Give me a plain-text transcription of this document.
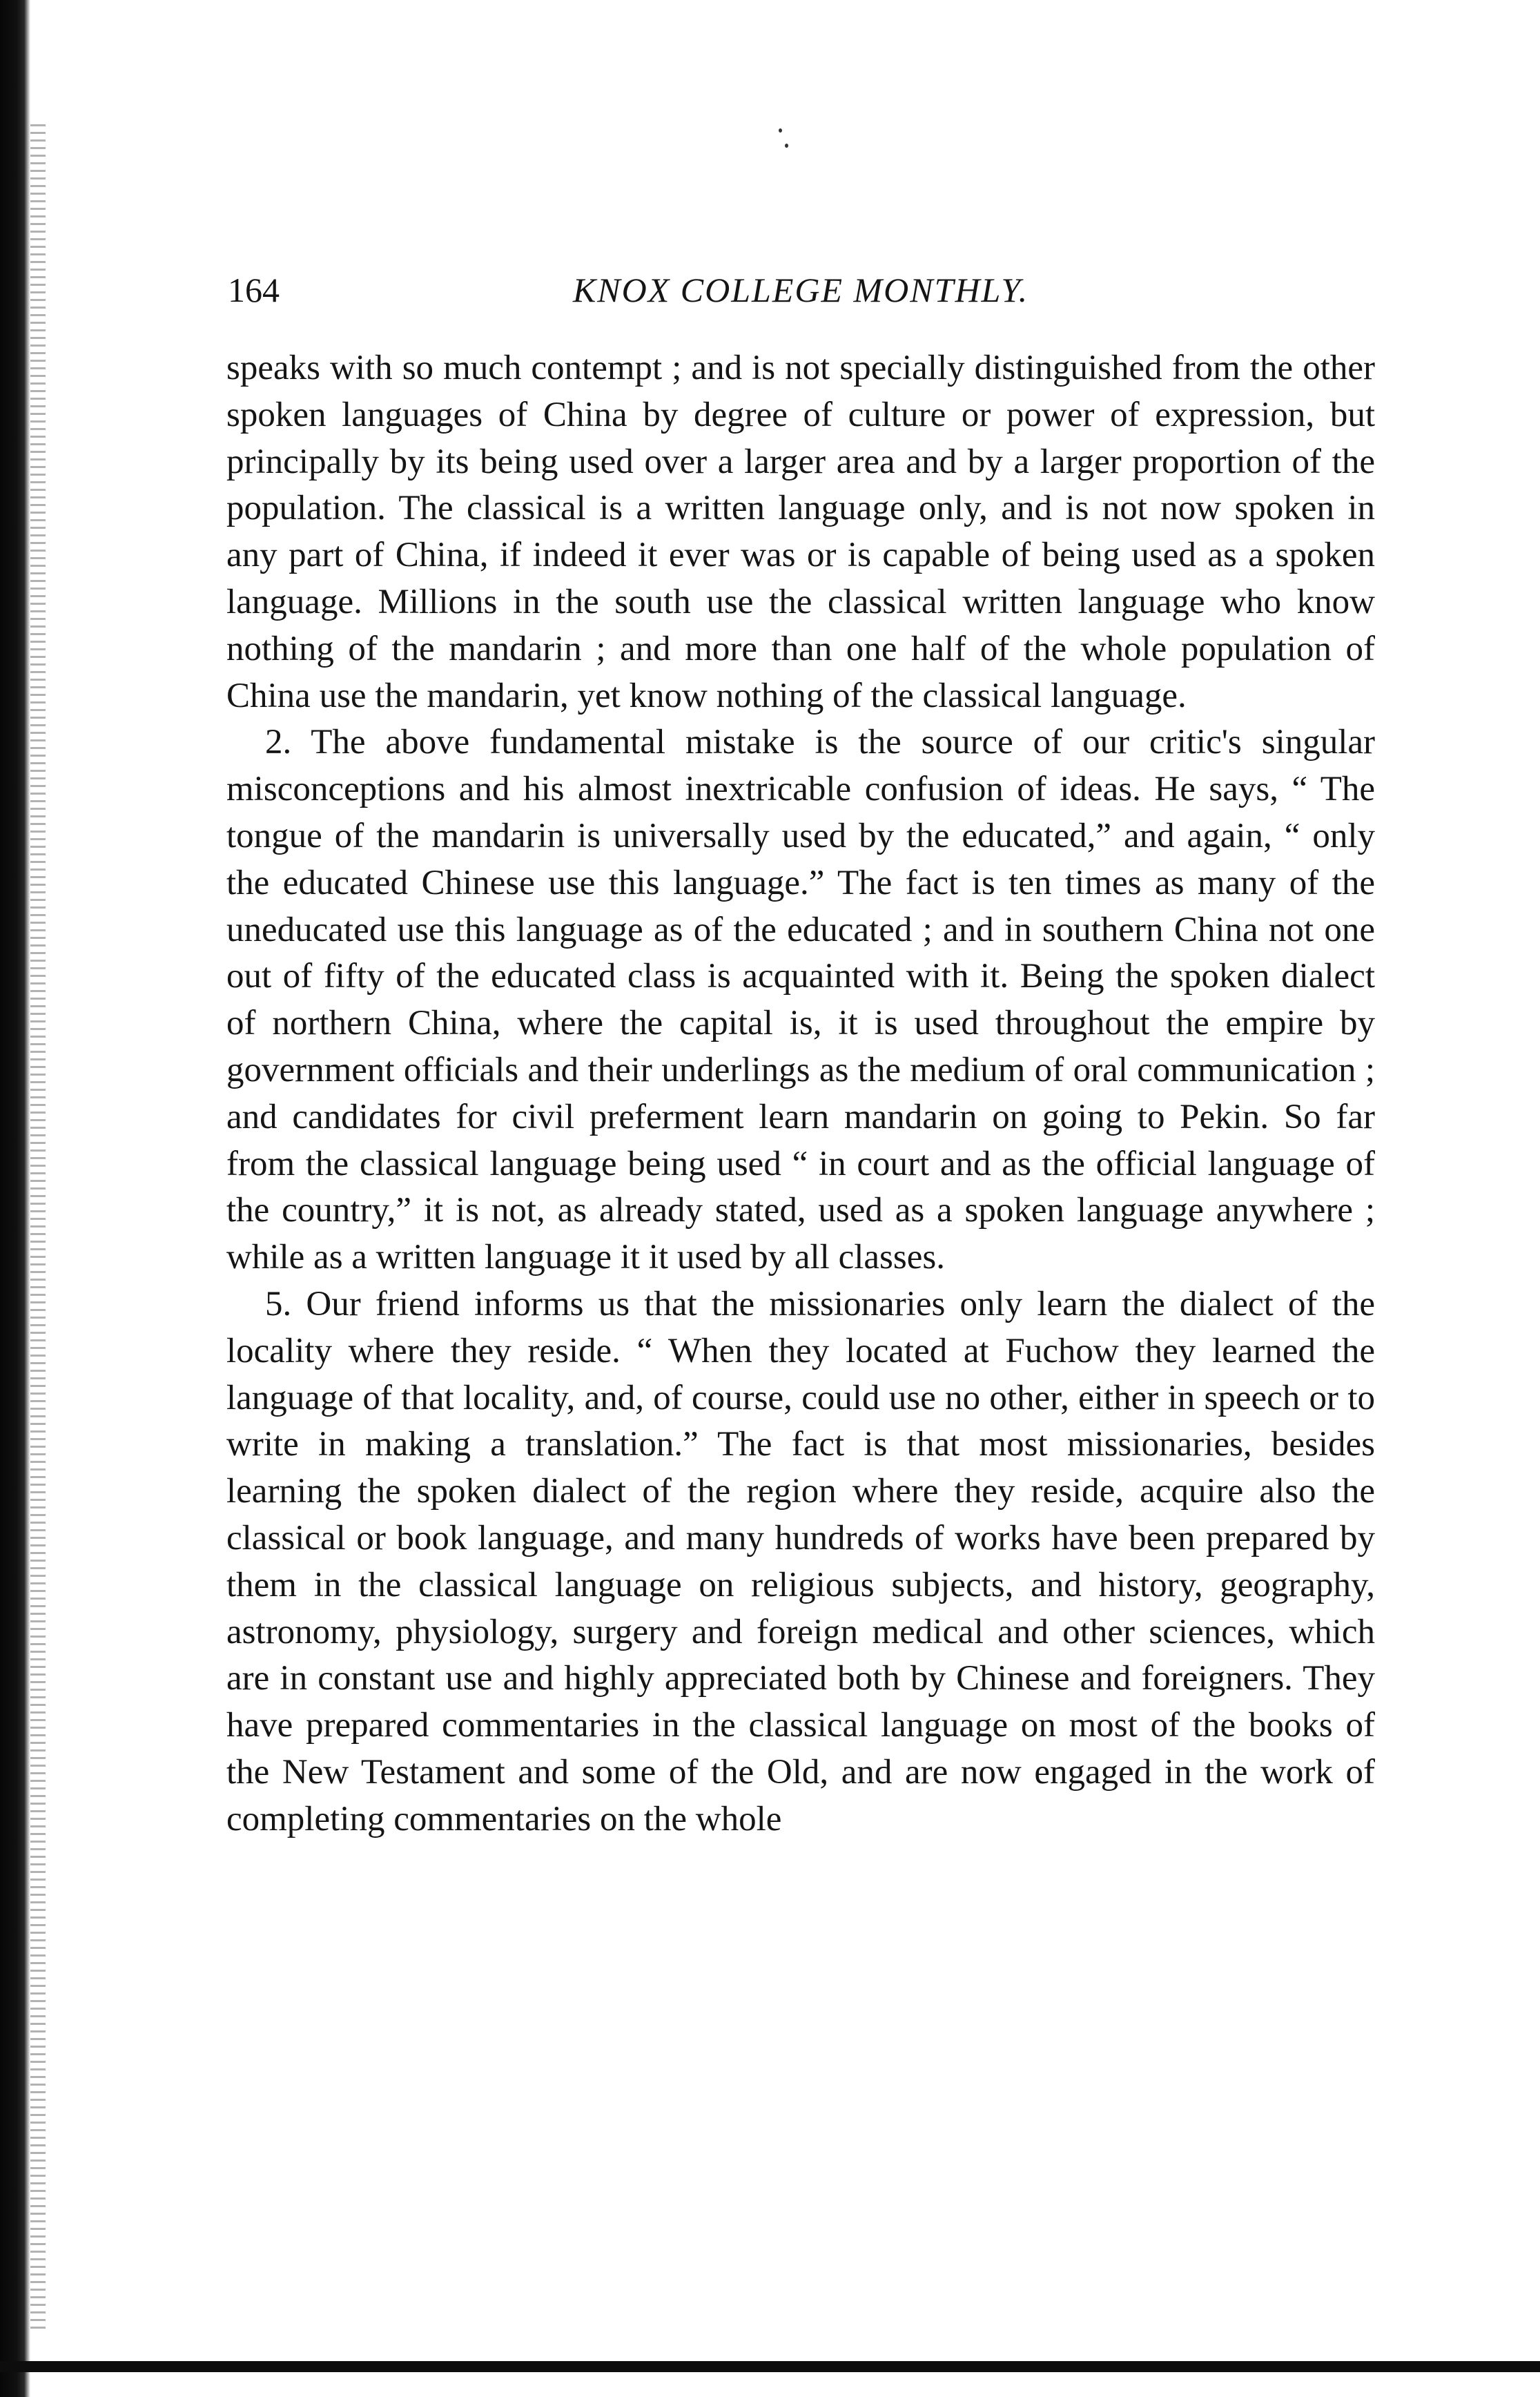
164	KNOX COLLEGE MONTHLY.

speaks with so much contempt ; and is not specially distinguished from the other spoken languages of China by degree of culture or power of expression, but principally by its being used over a larger area and by a larger proportion of the population. The classical is a written language only, and is not now spoken in any part of China, if indeed it ever was or is capable of being used as a spoken language. Millions in the south use the classical written language who know nothing of the mandarin ; and more than one half of the whole population of China use the mandarin, yet know nothing of the classical language.

2. The above fundamental mistake is the source of our critic's singular misconceptions and his almost inextricable confusion of ideas. He says, “ The tongue of the mandarin is universally used by the educated,” and again, “ only the educated Chinese use this language.” The fact is ten times as many of the uneducated use this language as of the educated ; and in southern China not one out of fifty of the educated class is acquainted with it. Being the spoken dialect of northern China, where the capital is, it is used throughout the empire by government officials and their underlings as the medium of oral communication ; and candidates for civil preferment learn mandarin on going to Pekin. So far from the classical language being used “ in court and as the official language of the country,” it is not, as already stated, used as a spoken language anywhere ; while as a written language it it used by all classes.

5. Our friend informs us that the missionaries only learn the dialect of the locality where they reside. “ When they located at Fuchow they learned the language of that locality, and, of course, could use no other, either in speech or to write in making a translation.” The fact is that most missionaries, besides learning the spoken dialect of the region where they reside, acquire also the classical or book language, and many hundreds of works have been prepared by them in the classical language on religious subjects, and history, geography, astronomy, physiology, surgery and foreign medical and other sciences, which are in constant use and highly appreciated both by Chinese and foreigners. They have prepared commentaries in the classical language on most of the books of the New Testament and some of the Old, and are now engaged in the work of completing commentaries on the whole
